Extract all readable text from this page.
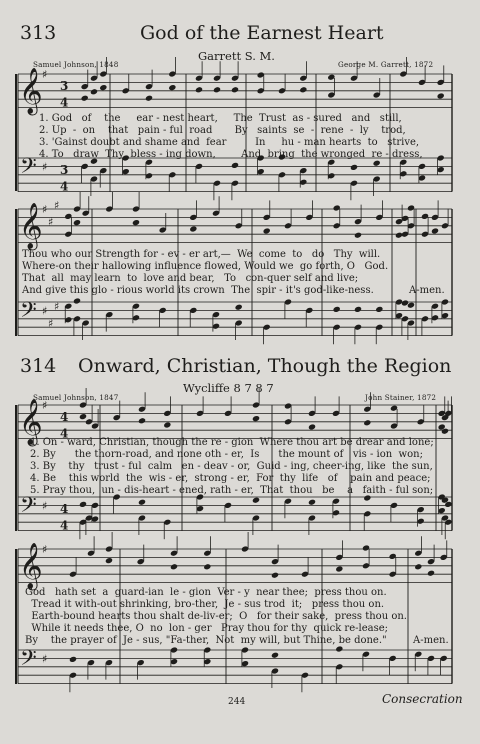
313	God of the Earnest Heart
Garrett S. M.
Samuel Johnson, 1848	George M. Garrett, 1872
𝄞 ♯
𝄢 ♯
3
4
3
4
𝄞 ♯
♯
♯
𝄢 ♯
♯
♯
𝄞 ♯
𝄢 ♯
4
4
4
4
𝄞 ♯
𝄢 ♯
1. God   of    the     ear - nest heart,     The  Trust  as - sured   and   still,
2. Up  -  on    that   pain - ful  road       By   saints  se  -  rene  -  ly    trod,
3. 'Gainst doubt and shame and  fear         In     hu - man hearts  to   strive,
4. To   draw  Thy  bless - ing down,        And  bring  the wronged  re - dress,
Thou who our Strength for - ev - er art,—  We  come  to   do   Thy  will.
Where-on their hallowing influence flowed, Would we  go forth, O   God.
That  all  may learn  to  love and bear,   To   con-quer self and live;
And give this glo - rious world its crown  The  spir - it's god-like-ness.	A-men.
314 Onward, Christian, Though the Region
Wycliffe 8 7 8 7
Samuel Johnson, 1847	John Stainer, 1872
1. On - ward, Christian, though the re - gion  Where thou art be drear and lone;
2. By      the thorn-road, and none oth - er,  Is      the mount of   vis - ion  won;
3. By    thy   trust - ful  calm   en - deav - or,  Guid - ing, cheer-ing, like  the sun,
4. Be    this world  the  wis - er,  strong - er,  For  thy  life   of    pain and peace;
5. Pray thou,  un - dis-heart - ened, rath - er,  That  thou   be    a   faith - ful son;
God   hath set  a  guard-ian  le - gion  Ver - y  near thee;  press thou on.
Tread it with-out shrinking, bro-ther,  Je - sus trod  it;   press thou on.
Earth-bound hearts thou shalt de-liv-er;  O   for their sake,  press thou on.
While it needs thee, O  no  lon - ger   Pray thou for thy  quick re-lease;
By    the prayer of  Je - sus, "Fa-ther,  Not  my will, but Thine, be done."	A-men.
244	Consecration
